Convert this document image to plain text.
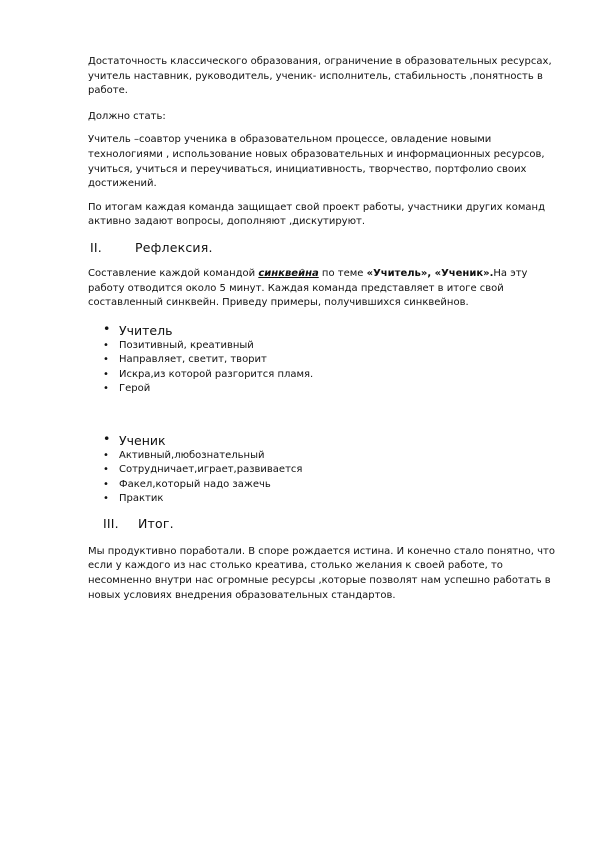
Достаточность классического образования, ограничение в образовательных ресурсах, учитель наставник, руководитель, ученик- исполнитель, стабильность ,понятность в работе.

Должно стать:

Учитель –соавтор ученика в образовательном процессе, овладение новыми технологиями , использование новых образовательных и информационных ресурсов, учиться, учиться и переучиваться, инициативность, творчество, портфолио своих достижений.

По итогам каждая команда защищает свой проект работы, участники других команд активно задают вопросы, дополняют ,дискутируют.

II.	Рефлексия.

Составление каждой командой синквейна по теме «Учитель», «Ученик».На эту работу отводится около 5 минут. Каждая команда представляет в итоге свой составленный синквейн. Приведу примеры, получившихся синквейнов.

• Учитель
• Позитивный, креативный
• Направляет, светит, творит
• Искра,из которой разгорится пламя.
• Герой
• Ученик
• Активный,любознательный
• Сотрудничает,играет,развивается
• Факел,который надо зажечь
• Практик
III.	Итог.

Мы продуктивно поработали. В споре рождается истина. И конечно стало понятно, что если у каждого из нас столько креатива, столько желания к своей работе, то несомненно внутри нас огромные ресурсы ,которые позволят нам успешно работать в новых условиях внедрения образовательных стандартов.
